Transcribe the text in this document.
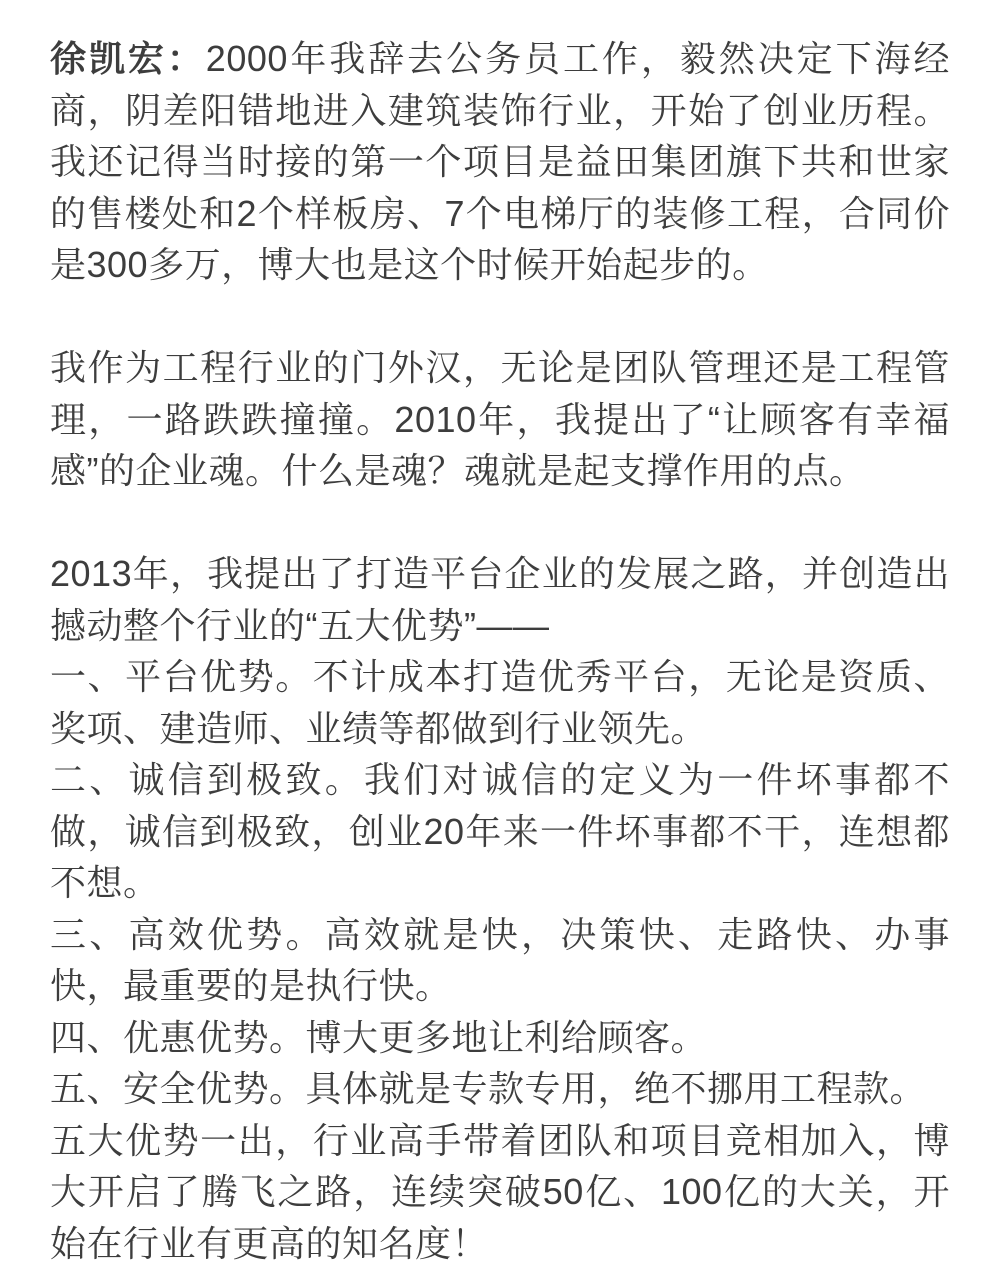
徐凯宏：2000年我辞去公务员工作，毅然决定下海经商，阴差阳错地进入建筑装饰行业，开始了创业历程。我还记得当时接的第一个项目是益田集团旗下共和世家的售楼处和2个样板房、7个电梯厅的装修工程，合同价是300多万，博大也是这个时候开始起步的。

我作为工程行业的门外汉，无论是团队管理还是工程管理，一路跌跌撞撞。2010年，我提出了“让顾客有幸福感”的企业魂。什么是魂？魂就是起支撑作用的点。

2013年，我提出了打造平台企业的发展之路，并创造出撼动整个行业的“五大优势”——
一、平台优势。不计成本打造优秀平台，无论是资质、奖项、建造师、业绩等都做到行业领先。
二、诚信到极致。我们对诚信的定义为一件坏事都不做，诚信到极致，创业20年来一件坏事都不干，连想都不想。
三、高效优势。高效就是快，决策快、走路快、办事快，最重要的是执行快。
四、优惠优势。博大更多地让利给顾客。
五、安全优势。具体就是专款专用，绝不挪用工程款。
五大优势一出，行业高手带着团队和项目竞相加入，博大开启了腾飞之路，连续突破50亿、100亿的大关，开始在行业有更高的知名度！
